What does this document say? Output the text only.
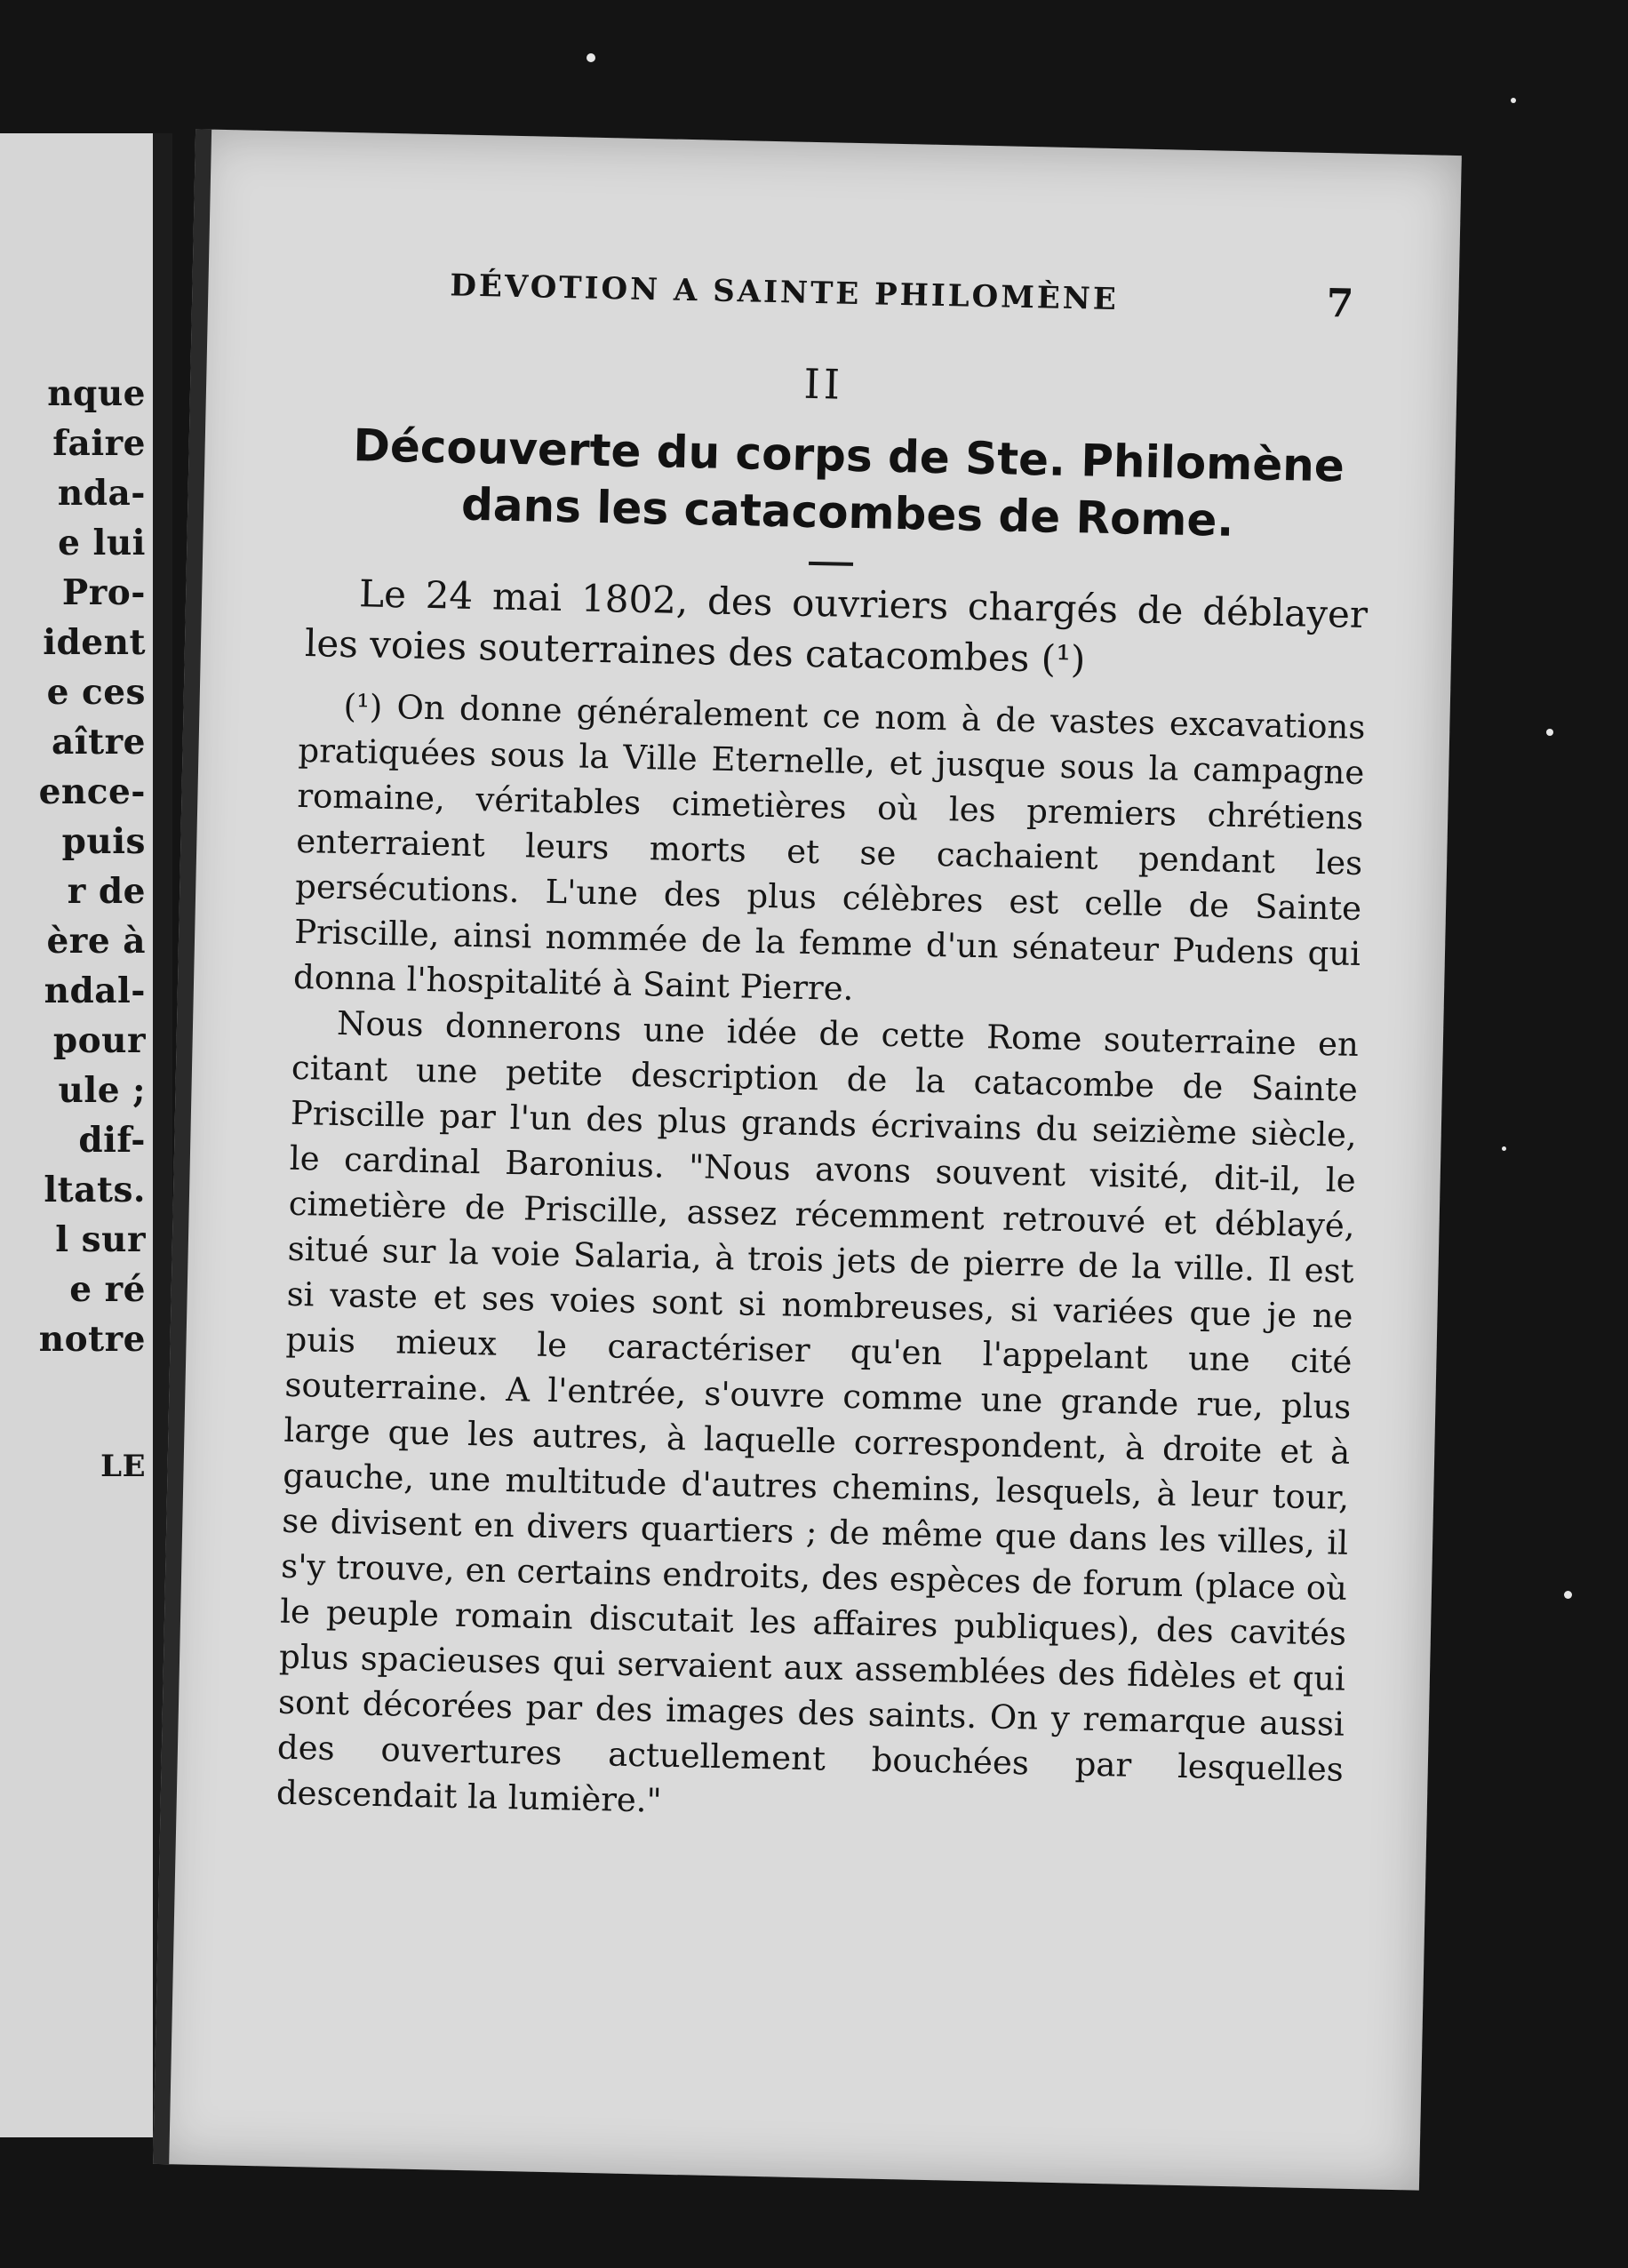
nque
faire
nda-
e lui
Pro-
ident
e ces
aître
ence-
puis
r de
ère à
ndal-
pour
ule ;
dif-
ltats.
l sur
e ré
notre
LE
DÉVOTION A SAINTE PHILOMÈNE	7
II
Découverte du corps de Ste. Philomène
dans les catacombes de Rome.

Le 24 mai 1802, des ouvriers chargés de déblayer les voies souterraines des catacombes (¹)

(¹) On donne généralement ce nom à de vastes excavations pratiquées sous la Ville Eternelle, et jusque sous la campagne romaine, véritables cimetières où les premiers chrétiens enterraient leurs morts et se cachaient pendant les persécutions. L'une des plus célèbres est celle de Sainte Priscille, ainsi nommée de la femme d'un sénateur Pudens qui donna l'hospitalité à Saint Pierre.

Nous donnerons une idée de cette Rome souterraine en citant une petite description de la catacombe de Sainte Priscille par l'un des plus grands écrivains du seizième siècle, le cardinal Baronius. "Nous avons souvent visité, dit-il, le cimetière de Priscille, assez récemment retrouvé et déblayé, situé sur la voie Salaria, à trois jets de pierre de la ville. Il est si vaste et ses voies sont si nombreuses, si variées que je ne puis mieux le caractériser qu'en l'appelant une cité souterraine. A l'entrée, s'ouvre comme une grande rue, plus large que les autres, à laquelle correspondent, à droite et à gauche, une multitude d'autres chemins, lesquels, à leur tour, se divisent en divers quartiers ; de même que dans les villes, il s'y trouve, en certains endroits, des espèces de forum (place où le peuple romain discutait les affaires publiques), des cavités plus spacieuses qui servaient aux assemblées des fidèles et qui sont décorées par des images des saints. On y remarque aussi des ouvertures actuellement bouchées par lesquelles descendait la lumière."
